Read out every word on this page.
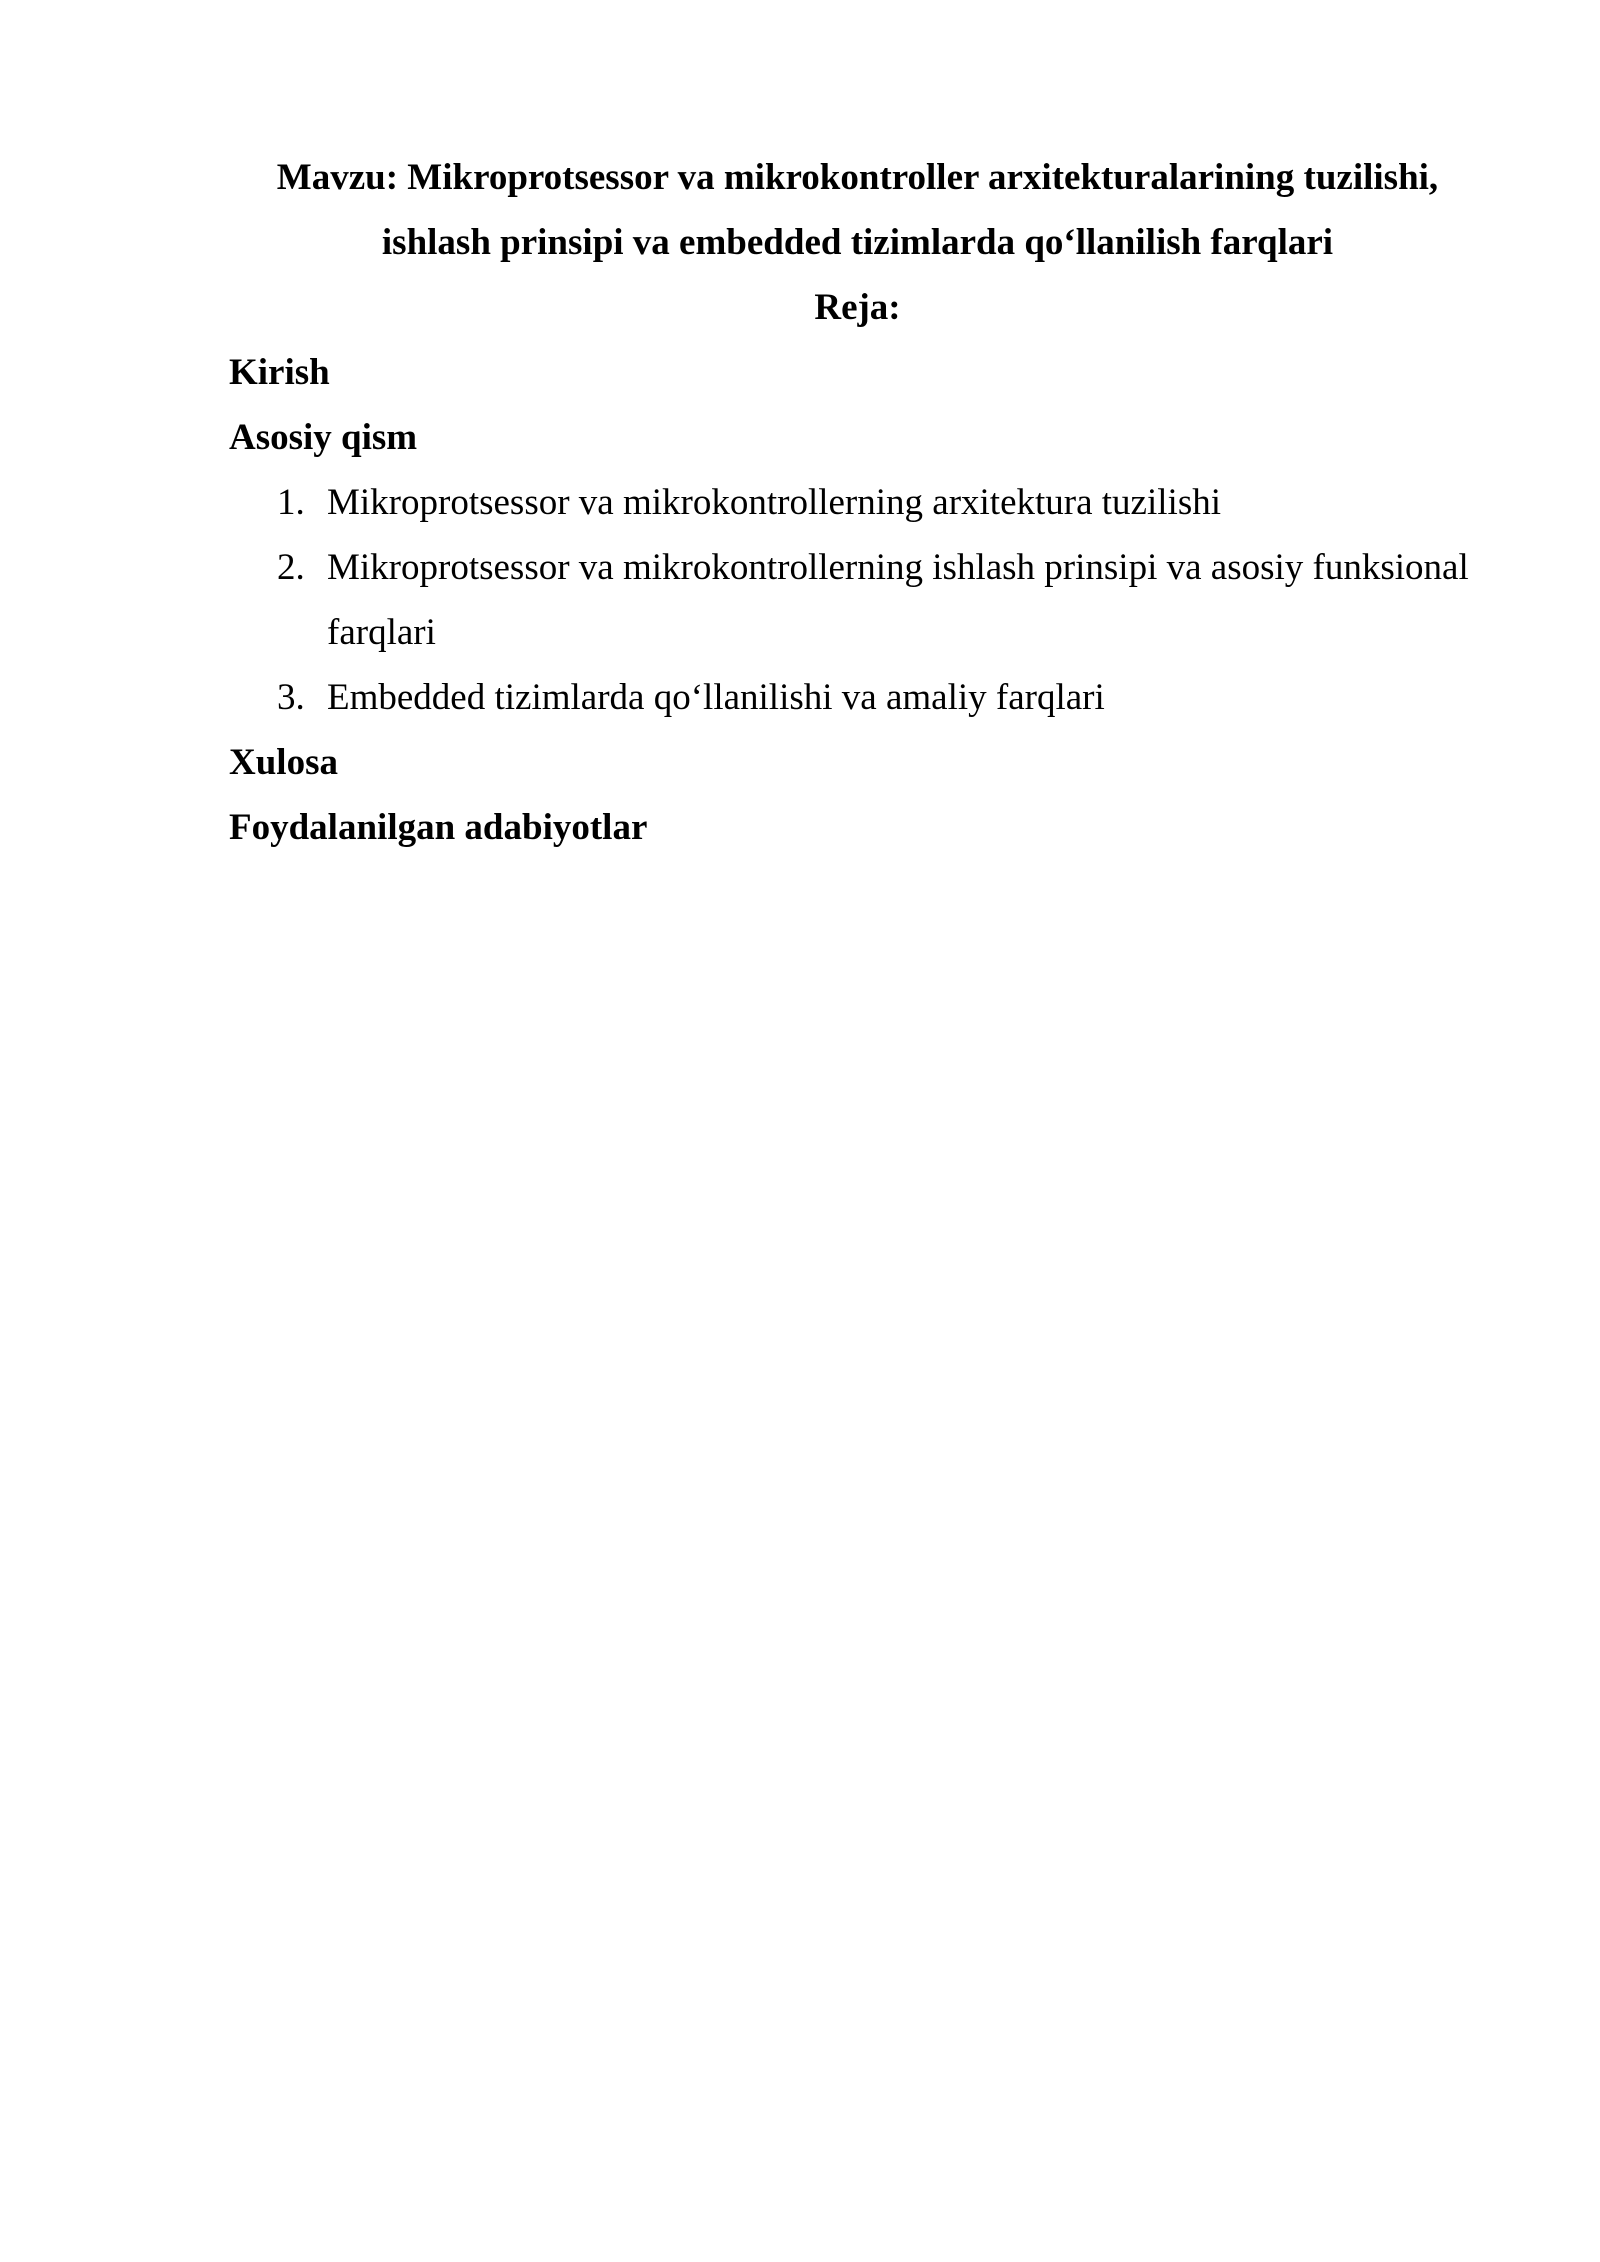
Mavzu: Mikroprotsessor va mikrokontroller arxitekturalarining tuzilishi,
ishlash prinsipi va embedded tizimlarda qo‘llanilish farqlari
Reja:
Kirish
Asosiy qism
1. Mikroprotsessor va mikrokontrollerning arxitektura tuzilishi
2. Mikroprotsessor va mikrokontrollerning ishlash prinsipi va asosiy funksional farqlari
3. Embedded tizimlarda qo‘llanilishi va amaliy farqlari
Xulosa
Foydalanilgan adabiyotlar
